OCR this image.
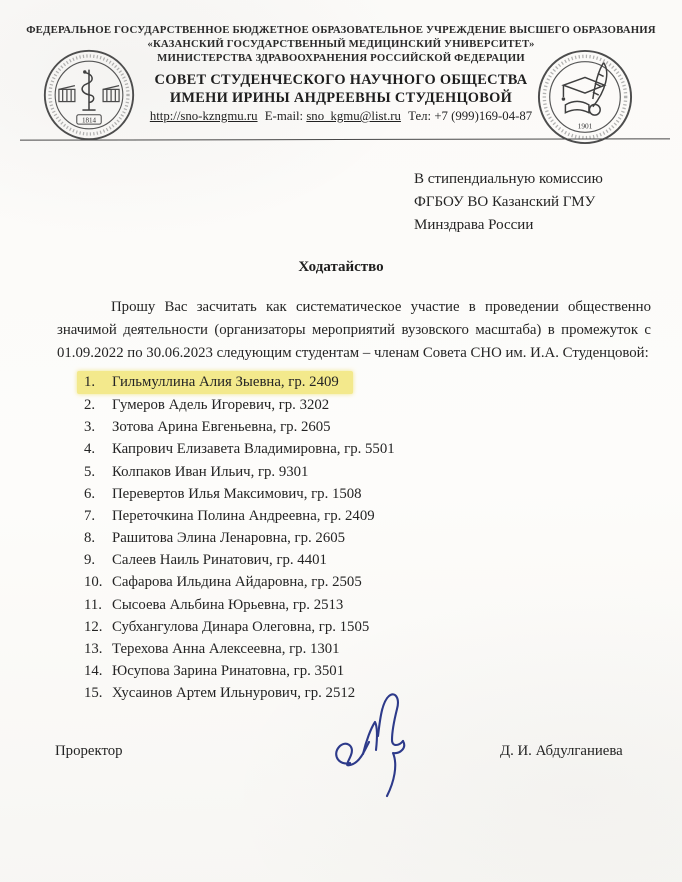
1814
1901
ФЕДЕРАЛЬНОЕ ГОСУДАРСТВЕННОЕ БЮДЖЕТНОЕ ОБРАЗОВАТЕЛЬНОЕ УЧРЕЖДЕНИЕ ВЫСШЕГО ОБРАЗОВАНИЯ
«КАЗАНСКИЙ ГОСУДАРСТВЕННЫЙ МЕДИЦИНСКИЙ УНИВЕРСИТЕТ»
МИНИСТЕРСТВА ЗДРАВООХРАНЕНИЯ РОССИЙСКОЙ ФЕДЕРАЦИИ
СОВЕТ СТУДЕНЧЕСКОГО НАУЧНОГО ОБЩЕСТВА
ИМЕНИ ИРИНЫ АНДРЕЕВНЫ СТУДЕНЦОВОЙ
http://sno-kzngmu.ru E-mail: sno_kgmu@list.ru Тел: +7 (999)169-04-87
В стипендиальную комиссию
ФГБОУ ВО Казанский ГМУ
Минздрава России
Ходатайство

Прошу Вас засчитать как систематическое участие в проведении общественно значимой деятельности (организаторы мероприятий вузовского масштаба) в промежуток с 01.09.2022 по 30.06.2023 следующим студентам – членам Совета СНО им. И.А. Студенцовой:

1. Гильмуллина Алия Зыевна, гр. 2409
2. Гумеров Адель Игоревич, гр. 3202
3. Зотова Арина Евгеньевна, гр. 2605
4. Капрович Елизавета Владимировна, гр. 5501
5. Колпаков Иван Ильич, гр. 9301
6. Перевертов Илья Максимович, гр. 1508
7. Переточкина Полина Андреевна, гр. 2409
8. Рашитова Элина Ленаровна, гр. 2605
9. Салеев Наиль Ринатович, гр. 4401
10. Сафарова Ильдина Айдаровна, гр. 2505
11. Сысоева Альбина Юрьевна, гр. 2513
12. Субхангулова Динара Олеговна, гр. 1505
13. Терехова Анна Алексеевна, гр. 1301
14. Юсупова Зарина Ринатовна, гр. 3501
15. Хусаинов Артем Ильнурович, гр. 2512
Проректор	Д. И. Абдулганиева
